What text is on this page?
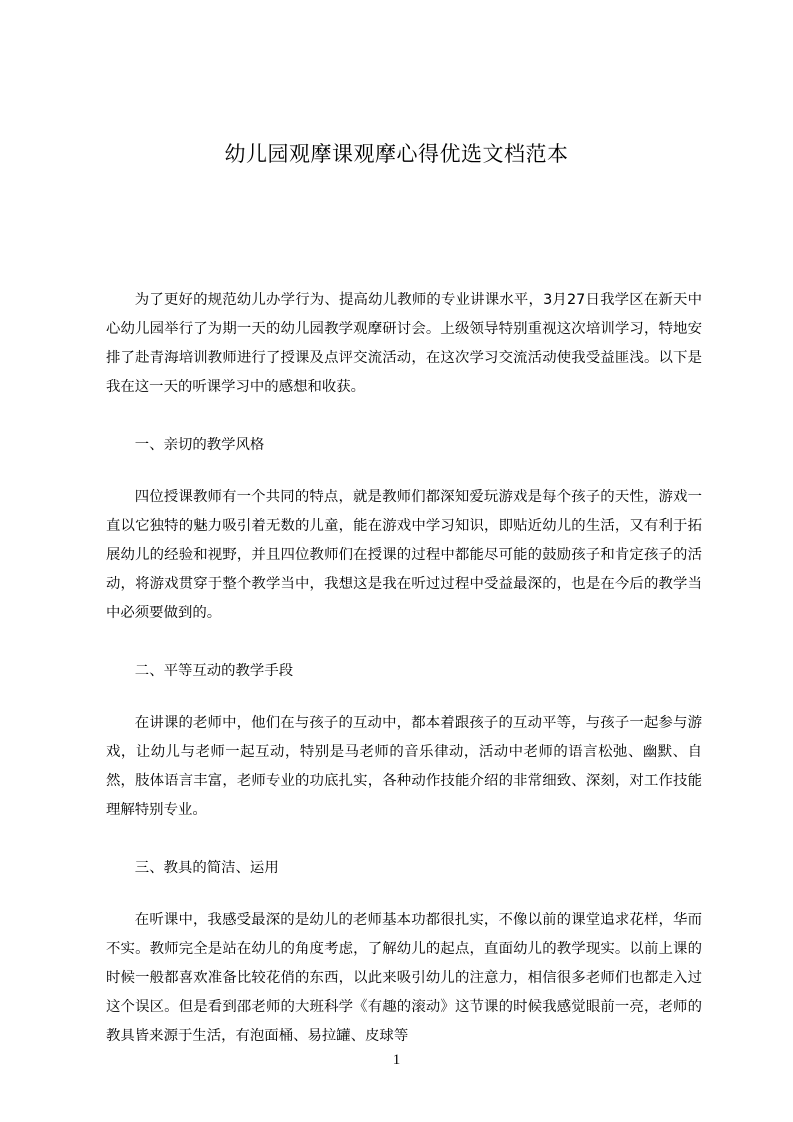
幼儿园观摩课观摩心得优选文档范本

为了更好的规范幼儿办学行为、提高幼儿教师的专业讲课水平，3月27日我学区在新天中心幼儿园举行了为期一天的幼儿园教学观摩研讨会。上级领导特别重视这次培训学习，特地安排了赴青海培训教师进行了授课及点评交流活动，在这次学习交流活动使我受益匪浅。以下是我在这一天的听课学习中的感想和收获。

一、亲切的教学风格

四位授课教师有一个共同的特点，就是教师们都深知爱玩游戏是每个孩子的天性，游戏一直以它独特的魅力吸引着无数的儿童，能在游戏中学习知识，即贴近幼儿的生活，又有利于拓展幼儿的经验和视野，并且四位教师们在授课的过程中都能尽可能的鼓励孩子和肯定孩子的活动，将游戏贯穿于整个教学当中，我想这是我在听过过程中受益最深的，也是在今后的教学当中必须要做到的。

二、平等互动的教学手段

在讲课的老师中，他们在与孩子的互动中，都本着跟孩子的互动平等，与孩子一起参与游戏，让幼儿与老师一起互动，特别是马老师的音乐律动，活动中老师的语言松弛、幽默、自然，肢体语言丰富，老师专业的功底扎实，各种动作技能介绍的非常细致、深刻，对工作技能理解特别专业。

三、教具的简洁、运用

在听课中，我感受最深的是幼儿的老师基本功都很扎实，不像以前的课堂追求花样，华而不实。教师完全是站在幼儿的角度考虑，了解幼儿的起点，直面幼儿的教学现实。以前上课的时候一般都喜欢准备比较花俏的东西，以此来吸引幼儿的注意力，相信很多老师们也都走入过这个误区。但是看到邵老师的大班科学《有趣的滚动》这节课的时候我感觉眼前一亮，老师的教具皆来源于生活，有泡面桶、易拉罐、皮球等

1
